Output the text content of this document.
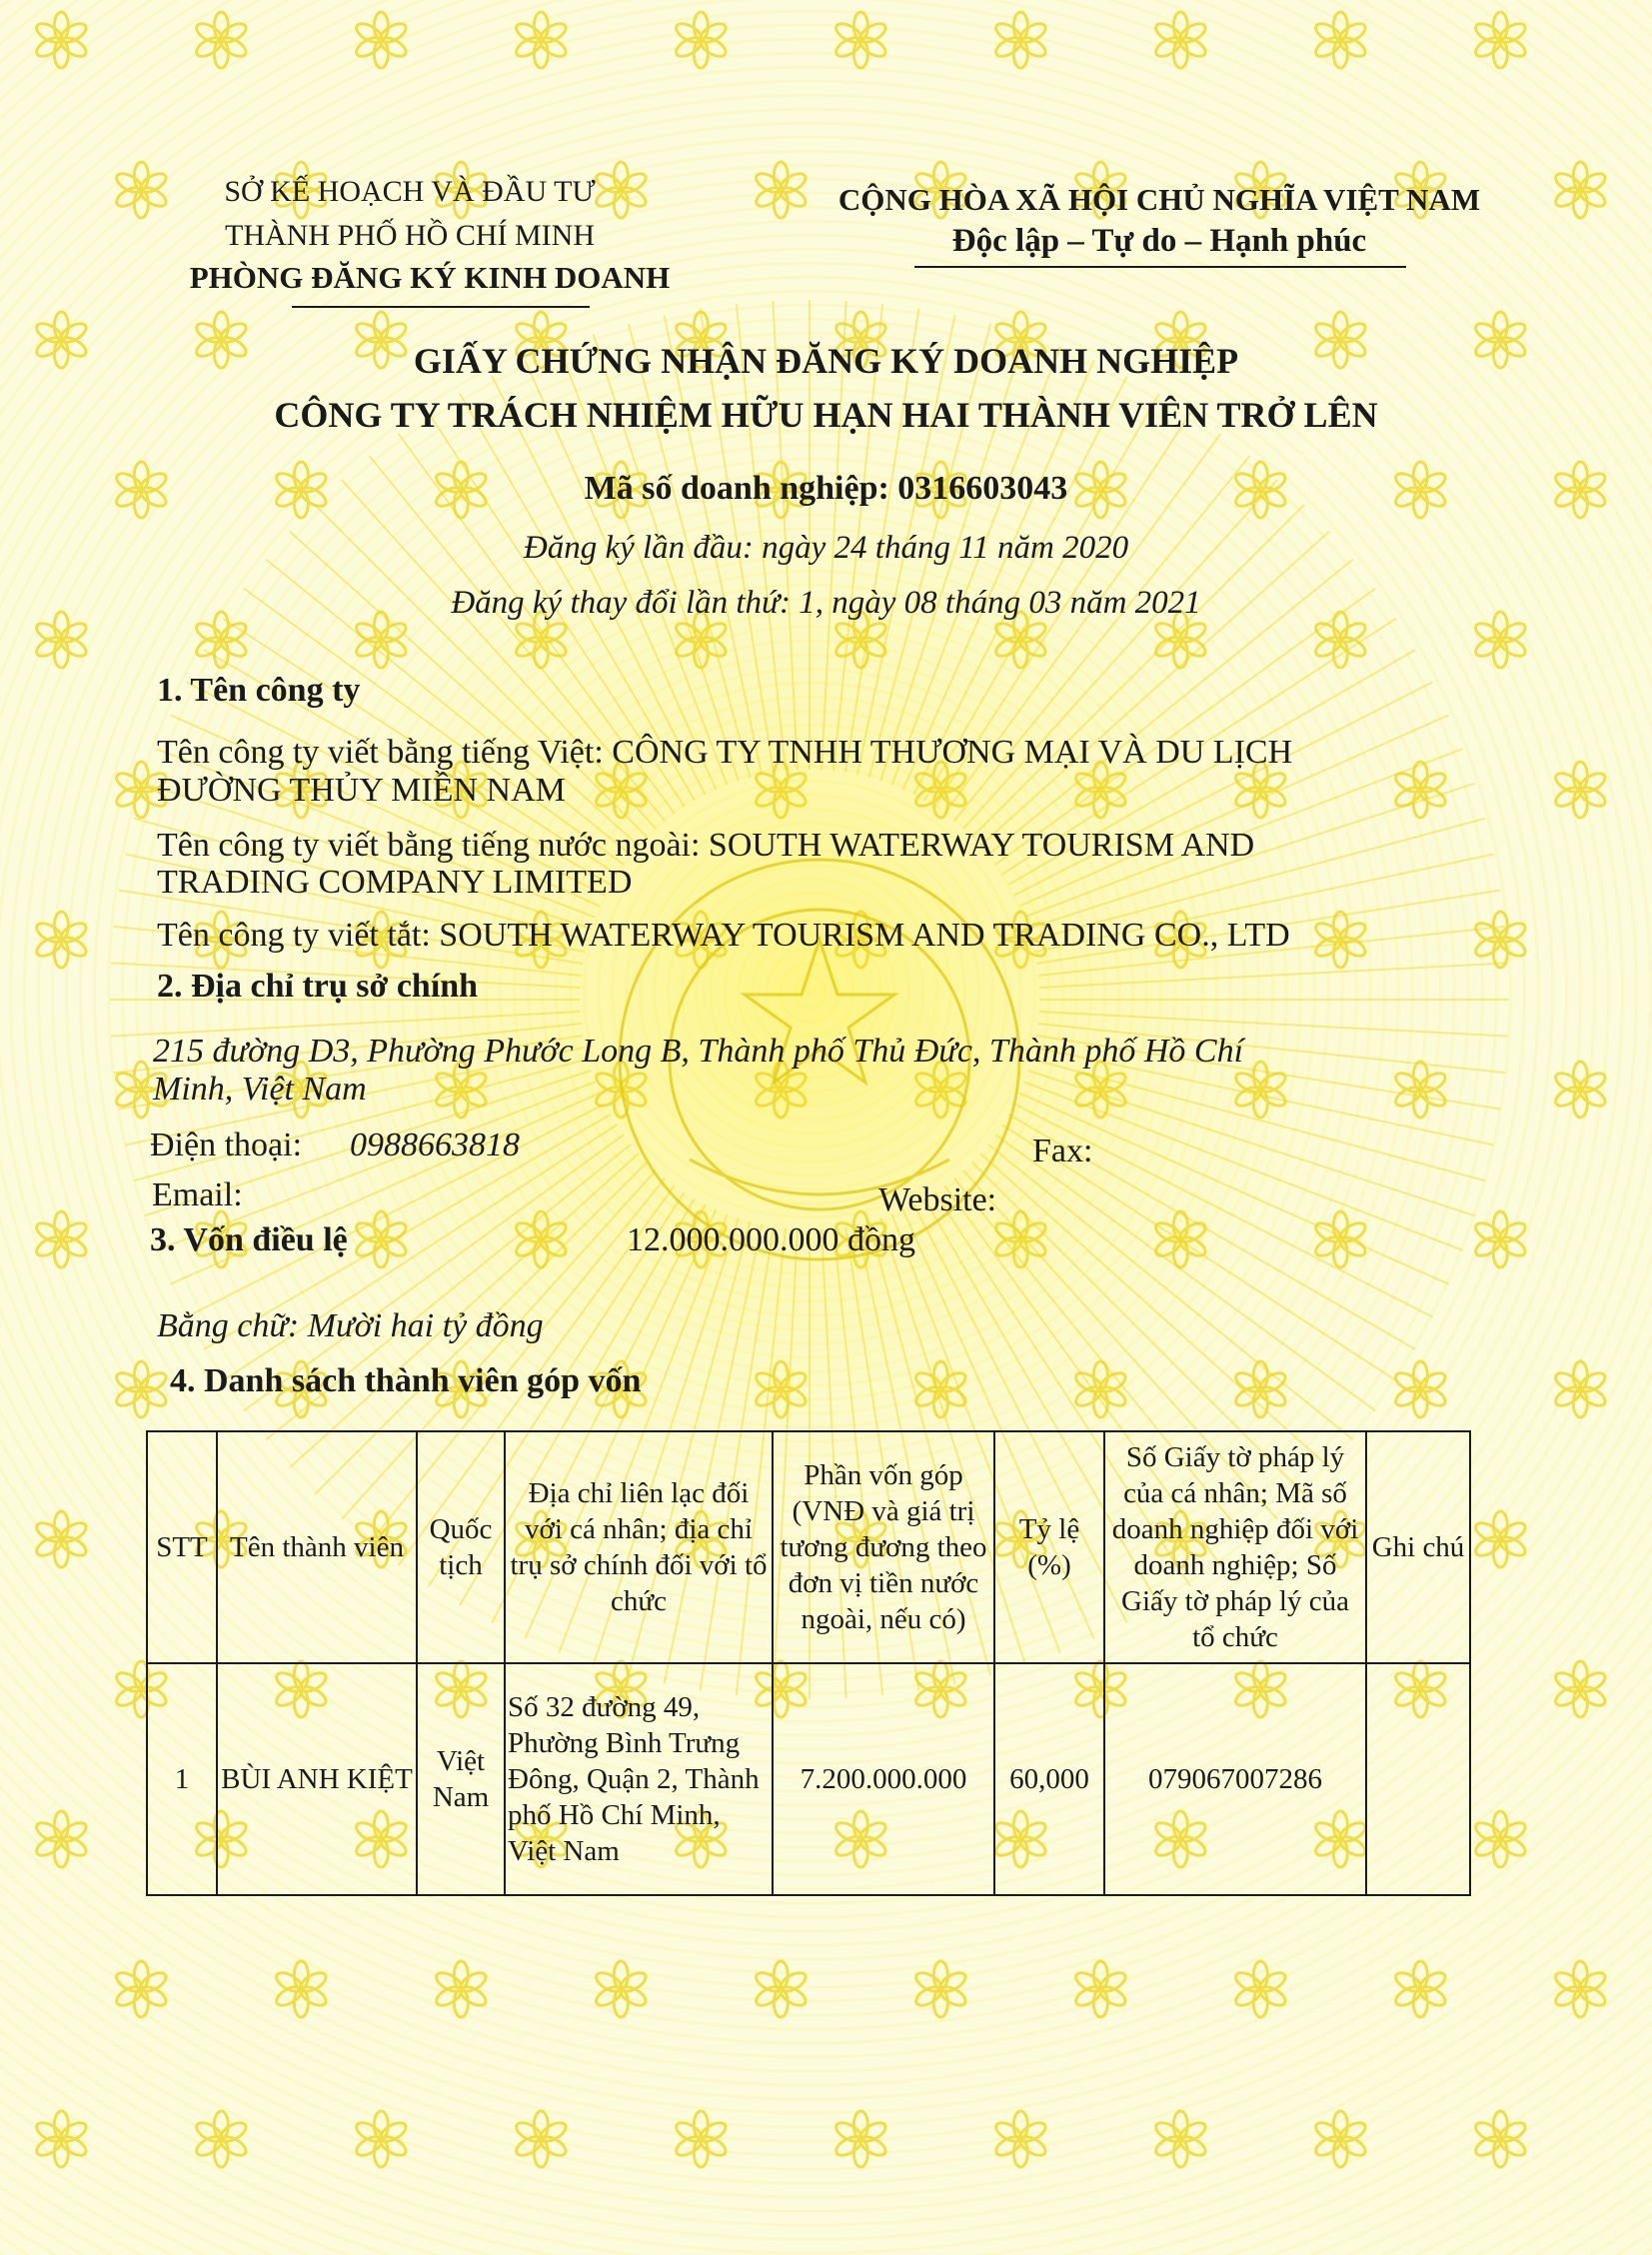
SỞ KẾ HOẠCH VÀ ĐẦU TƯ
THÀNH PHỐ HỒ CHÍ MINH
PHÒNG ĐĂNG KÝ KINH DOANH
CỘNG HÒA XÃ HỘI CHỦ NGHĨA VIỆT NAM
Độc lập – Tự do – Hạnh phúc
GIẤY CHỨNG NHẬN ĐĂNG KÝ DOANH NGHIỆP
CÔNG TY TRÁCH NHIỆM HỮU HẠN HAI THÀNH VIÊN TRỞ LÊN
Mã số doanh nghiệp: 0316603043
Đăng ký lần đầu: ngày 24 tháng 11 năm 2020
Đăng ký thay đổi lần thứ: 1, ngày 08 tháng 03 năm 2021
1. Tên công ty
Tên công ty viết bằng tiếng Việt: CÔNG TY TNHH THƯƠNG MẠI VÀ DU LỊCH
ĐƯỜNG THỦY MIỀN NAM
Tên công ty viết bằng tiếng nước ngoài: SOUTH WATERWAY TOURISM AND
TRADING COMPANY LIMITED
Tên công ty viết tắt: SOUTH WATERWAY TOURISM AND TRADING CO., LTD
2. Địa chỉ trụ sở chính
215 đường D3, Phường Phước Long B, Thành phố Thủ Đức, Thành phố Hồ Chí
Minh, Việt Nam
Điện thoại: 0988663818	Fax:
Email:	Website:
3. Vốn điều lệ	12.000.000.000 đồng
Bằng chữ: Mười hai tỷ đồng
4. Danh sách thành viên góp vốn
STT	Tên thành viên	Quốc tịch	Địa chỉ liên lạc đối với cá nhân; địa chỉ trụ sở chính đối với tổ chức	Phần vốn góp (VNĐ và giá trị tương đương theo đơn vị tiền nước ngoài, nếu có)	Tỷ lệ (%)	Số Giấy tờ pháp lý của cá nhân; Mã số doanh nghiệp đối với doanh nghiệp; Số Giấy tờ pháp lý của tổ chức	Ghi chú
1	BÙI ANH KIỆT	Việt Nam	Số 32 đường 49, Phường Bình Trưng Đông, Quận 2, Thành phố Hồ Chí Minh, Việt Nam	7.200.000.000	60,000	079067007286	
